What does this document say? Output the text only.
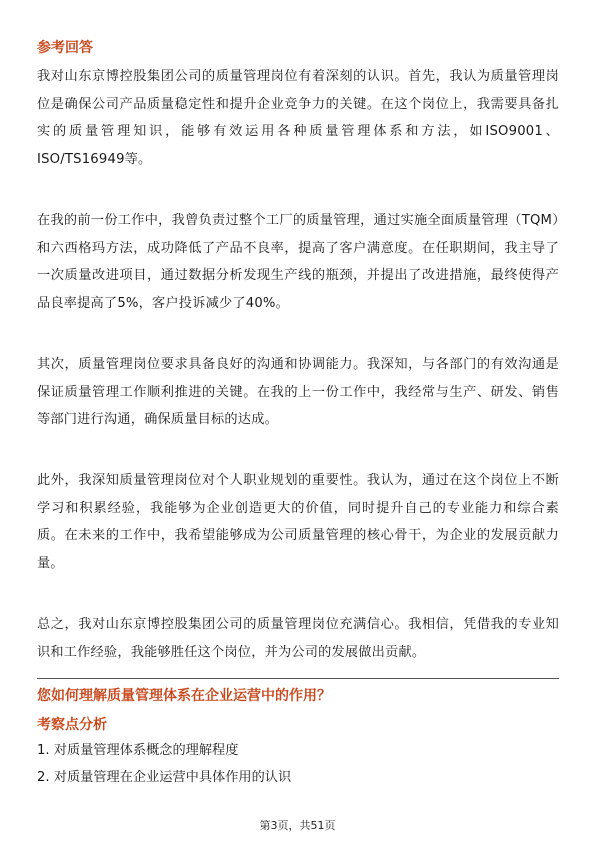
参考回答

我对山东京博控股集团公司的质量管理岗位有着深刻的认识。首先，我认为质量管理岗位是确保公司产品质量稳定性和提升企业竞争力的关键。在这个岗位上，我需要具备扎实的质量管理知识，能够有效运用各种质量管理体系和方法，如ISO9001、ISO/TS16949等。

在我的前一份工作中，我曾负责过整个工厂的质量管理，通过实施全面质量管理（TQM）和六西格玛方法，成功降低了产品不良率，提高了客户满意度。在任职期间，我主导了一次质量改进项目，通过数据分析发现生产线的瓶颈，并提出了改进措施，最终使得产品良率提高了5%，客户投诉减少了40%。

其次，质量管理岗位要求具备良好的沟通和协调能力。我深知，与各部门的有效沟通是保证质量管理工作顺利推进的关键。在我的上一份工作中，我经常与生产、研发、销售等部门进行沟通，确保质量目标的达成。

此外，我深知质量管理岗位对个人职业规划的重要性。我认为，通过在这个岗位上不断学习和积累经验，我能够为企业创造更大的价值，同时提升自己的专业能力和综合素质。在未来的工作中，我希望能够成为公司质量管理的核心骨干，为企业的发展贡献力量。

总之，我对山东京博控股集团公司的质量管理岗位充满信心。我相信，凭借我的专业知识和工作经验，我能够胜任这个岗位，并为公司的发展做出贡献。

您如何理解质量管理体系在企业运营中的作用？
考察点分析
1. 对质量管理体系概念的理解程度
2. 对质量管理在企业运营中具体作用的认识
第3页，共51页
